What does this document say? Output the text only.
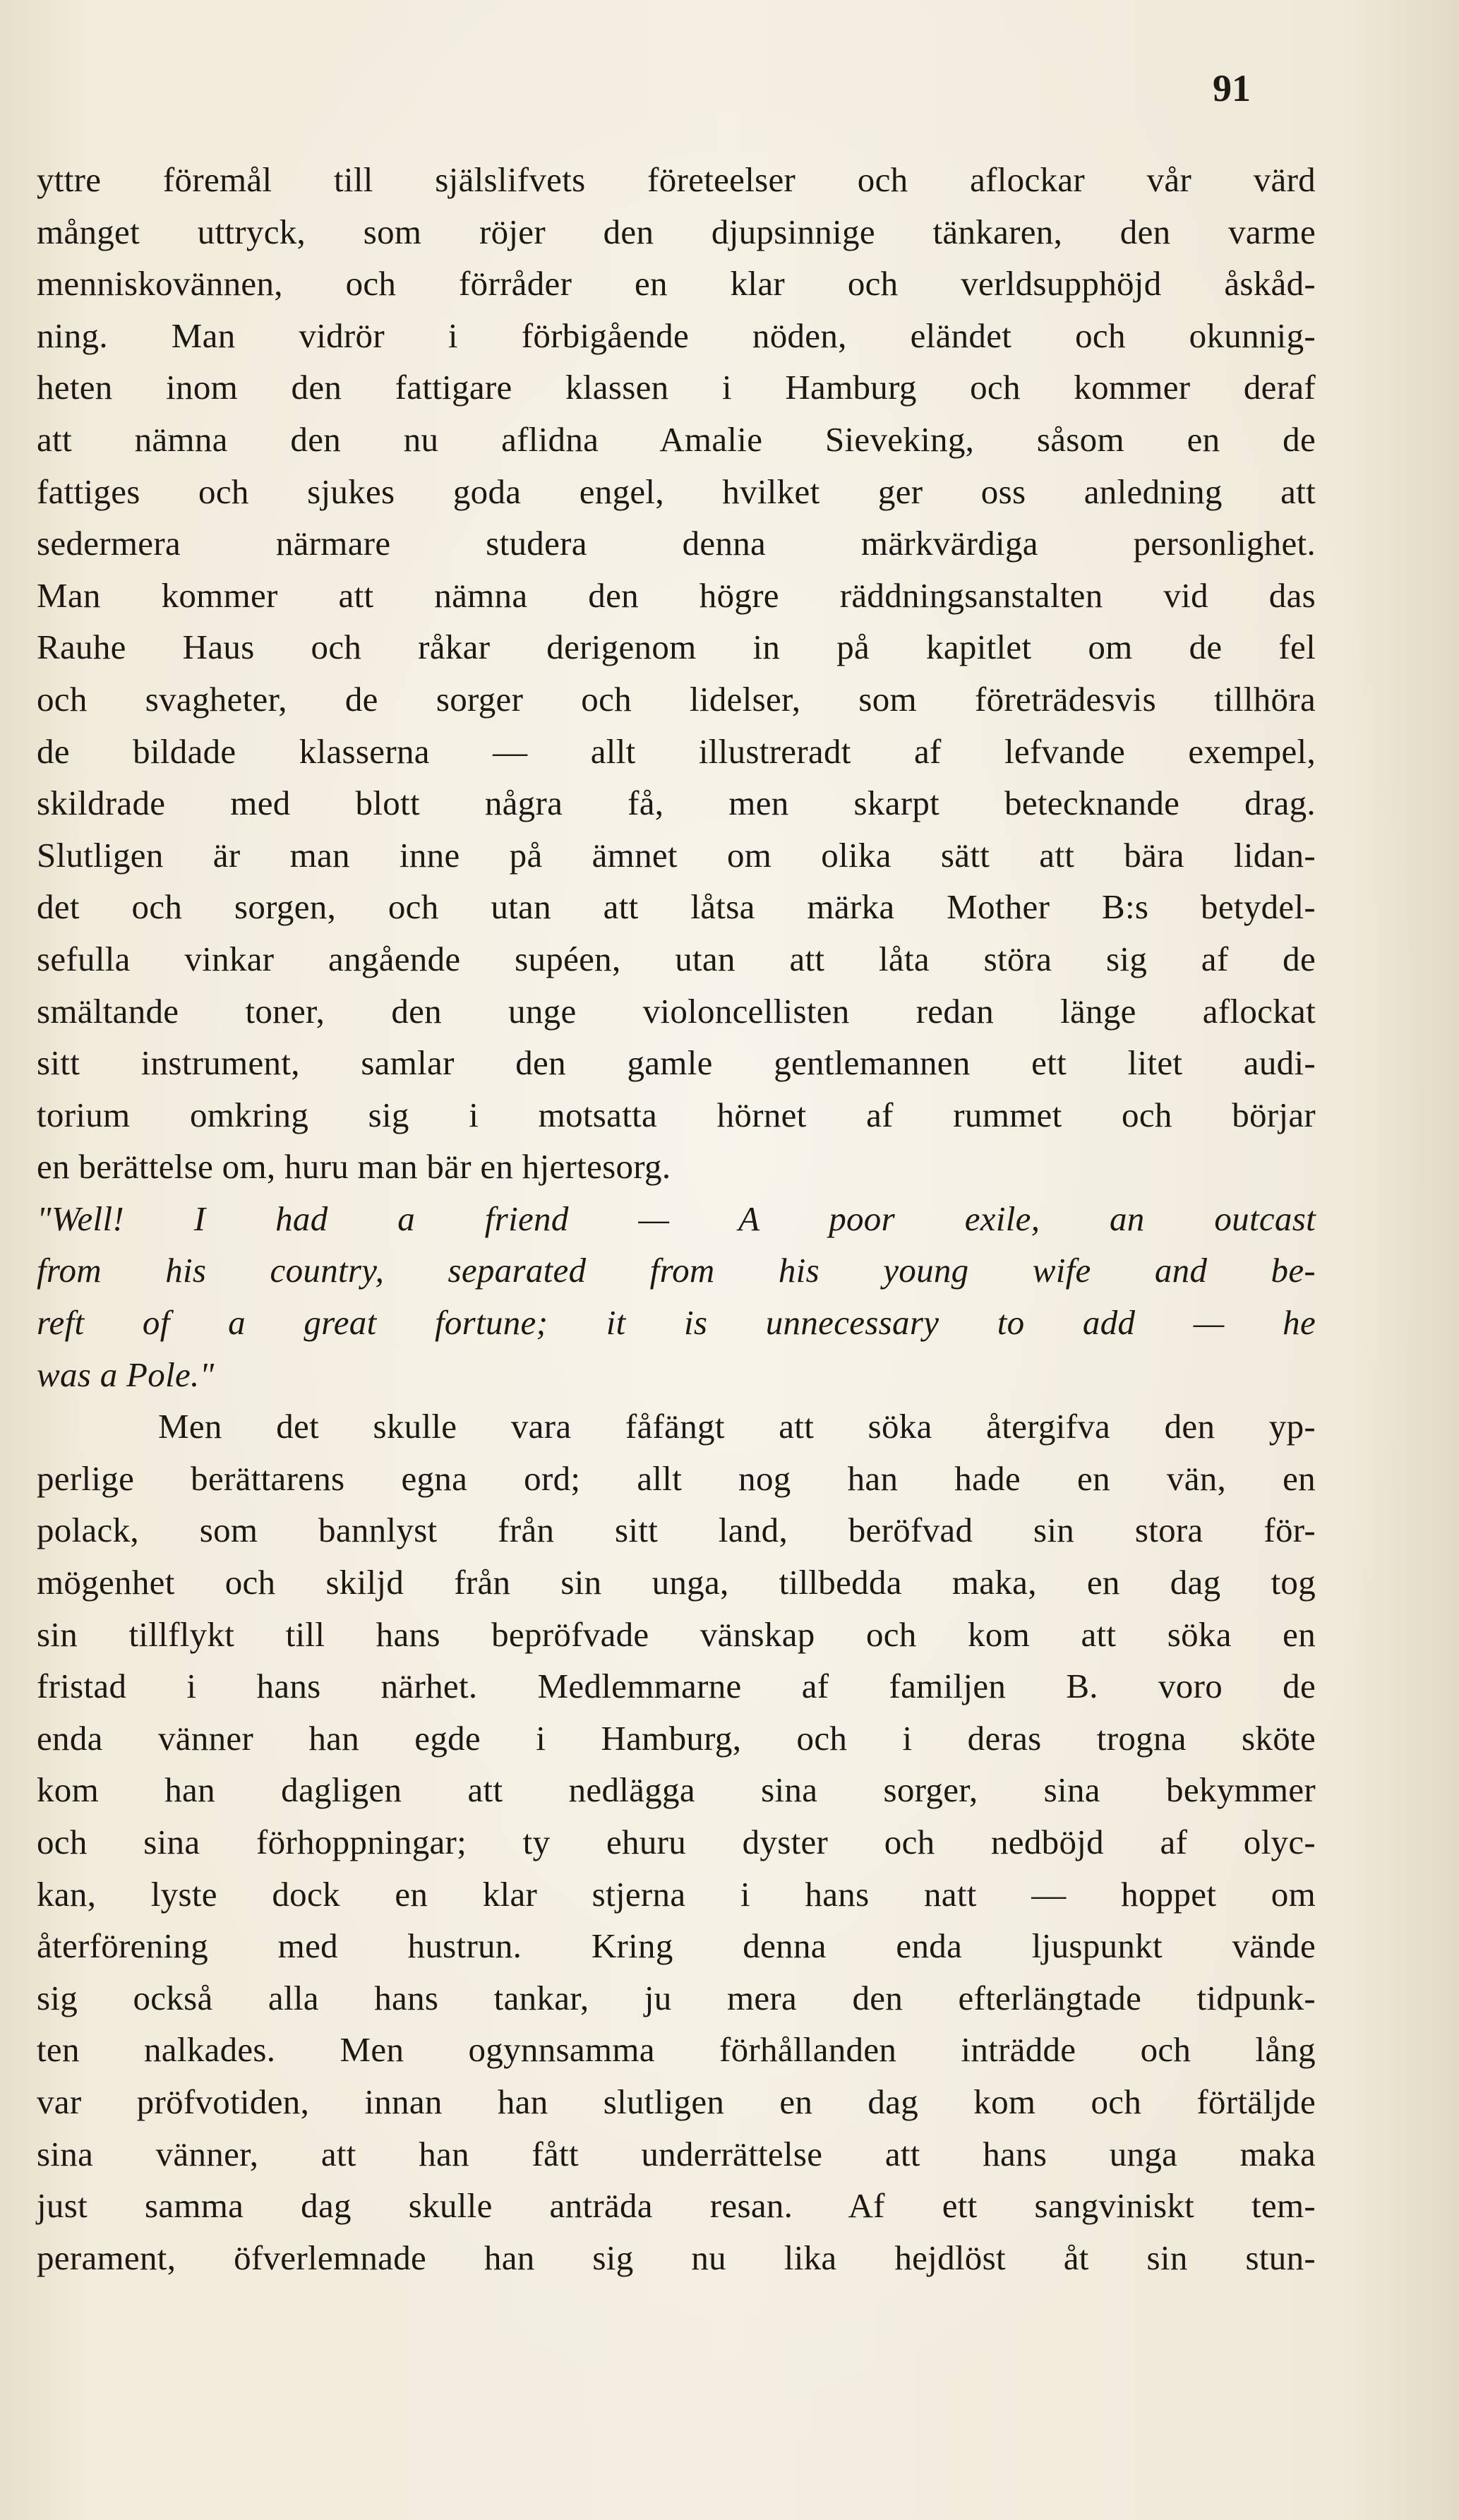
91
yttre föremål till själslifvets företeelser och aflockar vår värd
månget uttryck, som röjer den djupsinnige tänkaren, den varme
menniskovännen, och förråder en klar och verldsupphöjd åskåd-
ning. Man vidrör i förbigående nöden, eländet och okunnig-
heten inom den fattigare klassen i Hamburg och kommer deraf
att nämna den nu aflidna Amalie Sieveking, såsom en de
fattiges och sjukes goda engel, hvilket ger oss anledning att
sedermera närmare studera denna märkvärdiga personlighet.
Man kommer att nämna den högre räddningsanstalten vid das
Rauhe Haus och råkar derigenom in på kapitlet om de fel
och svagheter, de sorger och lidelser, som företrädesvis tillhöra
de bildade klasserna — allt illustreradt af lefvande exempel,
skildrade med blott några få, men skarpt betecknande drag.
Slutligen är man inne på ämnet om olika sätt att bära lidan-
det och sorgen, och utan att låtsa märka Mother B:s betydel-
sefulla vinkar angående supéen, utan att låta störa sig af de
smältande toner, den unge violoncellisten redan länge aflockat
sitt instrument, samlar den gamle gentlemannen ett litet audi-
torium omkring sig i motsatta hörnet af rummet och börjar
en berättelse om, huru man bär en hjertesorg.
"Well! I had a friend — A poor exile, an outcast
from his country, separated from his young wife and be-
reft of a great fortune; it is unnecessary to add — he
was a Pole."
Men det skulle vara fåfängt att söka återgifva den yp-
perlige berättarens egna ord; allt nog han hade en vän, en
polack, som bannlyst från sitt land, beröfvad sin stora för-
mögenhet och skiljd från sin unga, tillbedda maka, en dag tog
sin tillflykt till hans bepröfvade vänskap och kom att söka en
fristad i hans närhet. Medlemmarne af familjen B. voro de
enda vänner han egde i Hamburg, och i deras trogna sköte
kom han dagligen att nedlägga sina sorger, sina bekymmer
och sina förhoppningar; ty ehuru dyster och nedböjd af olyc-
kan, lyste dock en klar stjerna i hans natt — hoppet om
återförening med hustrun. Kring denna enda ljuspunkt vände
sig också alla hans tankar, ju mera den efterlängtade tidpunk-
ten nalkades. Men ogynnsamma förhållanden inträdde och lång
var pröfvotiden, innan han slutligen en dag kom och förtäljde
sina vänner, att han fått underrättelse att hans unga maka
just samma dag skulle anträda resan. Af ett sangviniskt tem-
perament, öfverlemnade han sig nu lika hejdlöst åt sin stun-
